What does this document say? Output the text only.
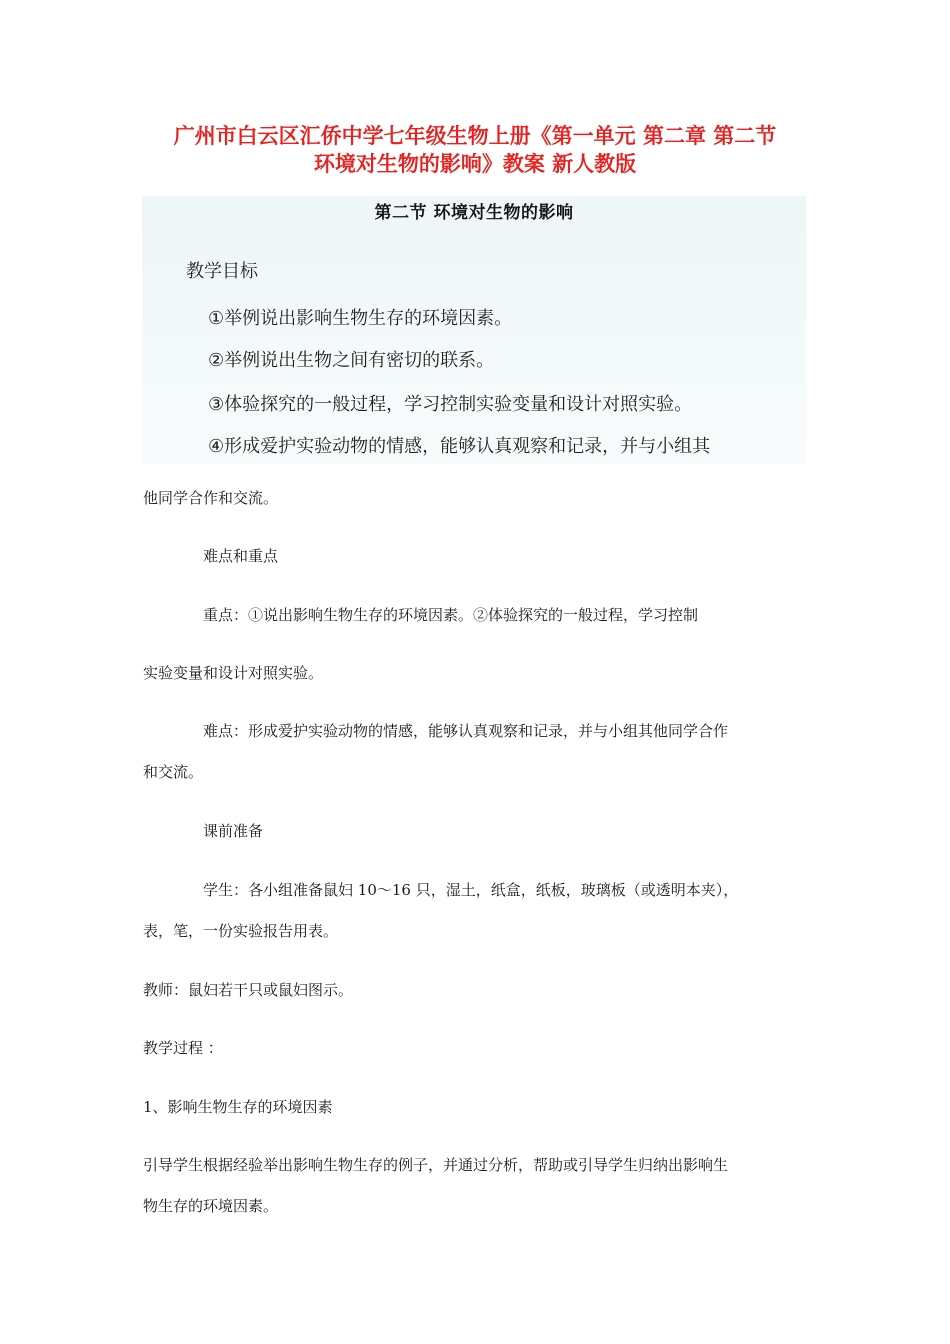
广州市白云区汇侨中学七年级生物上册《第一单元 第二章 第二节
环境对生物的影响》教案 新人教版
第二节 环境对生物的影响
教学目标
①举例说出影响生物生存的环境因素。
②举例说出生物之间有密切的联系。
③体验探究的一般过程，学习控制实验变量和设计对照实验。
④形成爱护实验动物的情感，能够认真观察和记录，并与小组其
他同学合作和交流。
难点和重点
重点：①说出影响生物生存的环境因素。②体验探究的一般过程，学习控制
实验变量和设计对照实验。
难点：形成爱护实验动物的情感，能够认真观察和记录，并与小组其他同学合作
和交流。
课前准备
学生：各小组准备鼠妇 10～16 只，湿土，纸盒，纸板，玻璃板（或透明本夹），
表，笔，一份实验报告用表。
教师：鼠妇若干只或鼠妇图示。
教学过程 ：
1、影响生物生存的环境因素
引导学生根据经验举出影响生物生存的例子，并通过分析，帮助或引导学生归纳出影响生
物生存的环境因素。
